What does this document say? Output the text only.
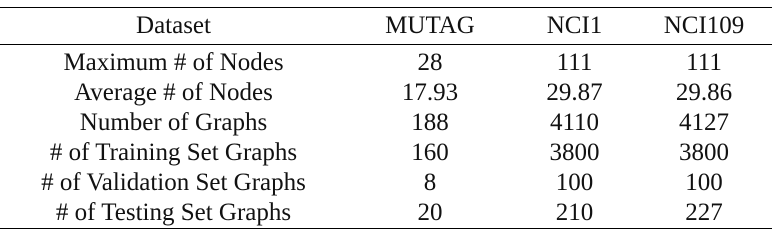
Dataset	MUTAG	NCI1	NCI109
Maximum # of Nodes	28	111	111
Average # of Nodes	17.93	29.87	29.86
Number of Graphs	188	4110	4127
# of Training Set Graphs	160	3800	3800
# of Validation Set Graphs	8	100	100
# of Testing Set Graphs	20	210	227
